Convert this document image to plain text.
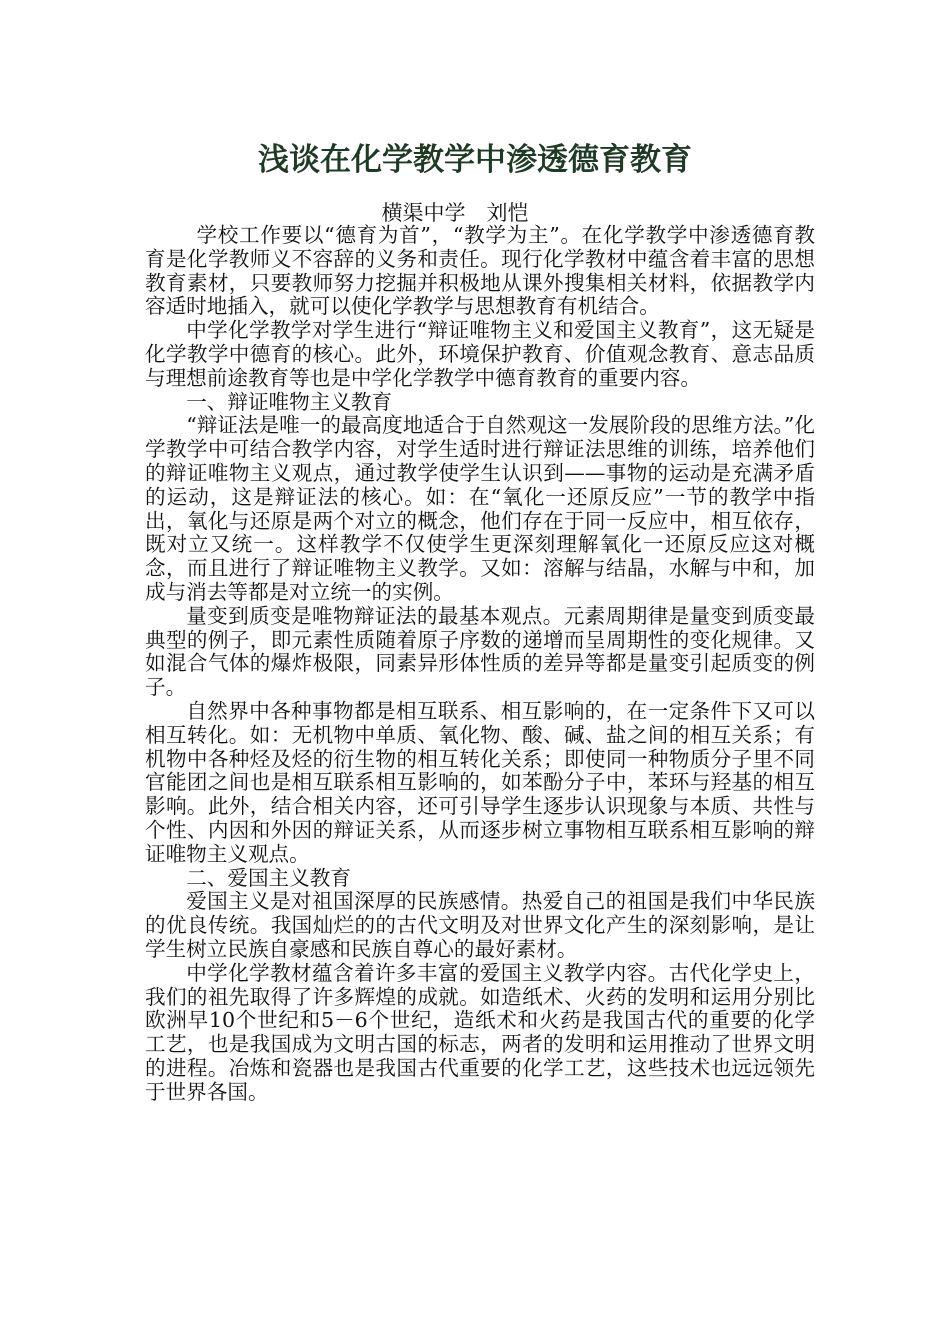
浅谈在化学教学中渗透德育教育
横渠中学　刘恺

学校工作要以“德育为首”，“教学为主”。在化学教学中渗透德育教育是化学教师义不容辞的义务和责任。现行化学教材中蕴含着丰富的思想教育素材，只要教师努力挖掘并积极地从课外搜集相关材料，依据教学内容适时地插入，就可以使化学教学与思想教育有机结合。

中学化学教学对学生进行“辩证唯物主义和爱国主义教育”，这无疑是化学教学中德育的核心。此外，环境保护教育、价值观念教育、意志品质与理想前途教育等也是中学化学教学中德育教育的重要内容。

一、辩证唯物主义教育

“辩证法是唯一的最高度地适合于自然观这一发展阶段的思维方法。”化学教学中可结合教学内容，对学生适时进行辩证法思维的训练，培养他们的辩证唯物主义观点，通过教学使学生认识到——事物的运动是充满矛盾的运动，这是辩证法的核心。如：在“氧化一还原反应”一节的教学中指出，氧化与还原是两个对立的概念，他们存在于同一反应中，相互依存，既对立又统一。这样教学不仅使学生更深刻理解氧化一还原反应这对概念，而且进行了辩证唯物主义教学。又如：溶解与结晶，水解与中和，加成与消去等都是对立统一的实例。

量变到质变是唯物辩证法的最基本观点。元素周期律是量变到质变最典型的例子，即元素性质随着原子序数的递增而呈周期性的变化规律。又如混合气体的爆炸极限，同素异形体性质的差异等都是量变引起质变的例子。

自然界中各种事物都是相互联系、相互影响的，在一定条件下又可以相互转化。如：无机物中单质、氧化物、酸、碱、盐之间的相互关系；有机物中各种烃及烃的衍生物的相互转化关系；即使同一种物质分子里不同官能团之间也是相互联系相互影响的，如苯酚分子中，苯环与羟基的相互影响。此外，结合相关内容，还可引导学生逐步认识现象与本质、共性与个性、内因和外因的辩证关系，从而逐步树立事物相互联系相互影响的辩证唯物主义观点。

二、爱国主义教育

爱国主义是对祖国深厚的民族感情。热爱自己的祖国是我们中华民族的优良传统。我国灿烂的的古代文明及对世界文化产生的深刻影响，是让学生树立民族自豪感和民族自尊心的最好素材。

中学化学教材蕴含着许多丰富的爱国主义教学内容。古代化学史上，我们的祖先取得了许多辉煌的成就。如造纸术、火药的发明和运用分别比欧洲早10个世纪和5－6个世纪，造纸术和火药是我国古代的重要的化学工艺，也是我国成为文明古国的标志，两者的发明和运用推动了世界文明的进程。冶炼和瓷器也是我国古代重要的化学工艺，这些技术也远远领先于世界各国。
